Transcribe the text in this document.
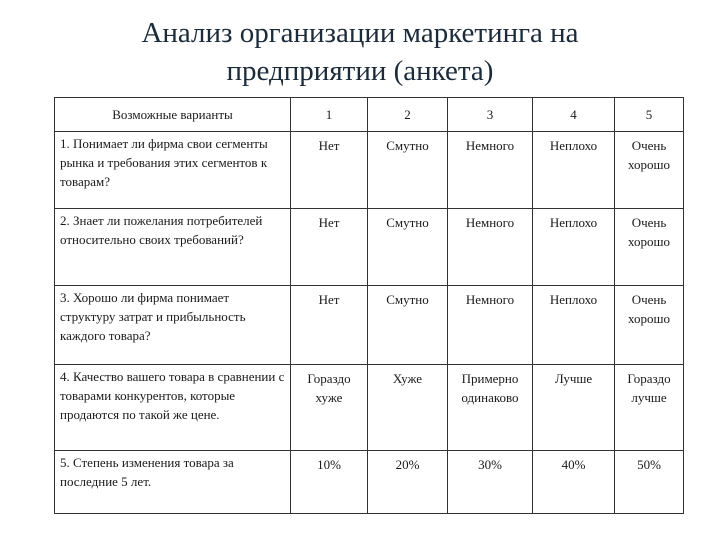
Анализ организации маркетинга на
предприятии (анкета)
Возможные варианты	1	2	3	4	5
1. Понимает ли фирма свои сегменты рынка и требования этих сегментов к товарам?	Нет	Смутно	Немного	Неплохо	Очень хорошо
2. Знает ли пожелания потребителей относительно своих требований?	Нет	Смутно	Немного	Неплохо	Очень хорошо
3. Хорошо ли фирма понимает структуру затрат и прибыльность каждого товара?	Нет	Смутно	Немного	Неплохо	Очень хорошо
4. Качество вашего товара в сравнении с товарами конкурентов, которые продаются по такой же цене.	Гораздо хуже	Хуже	Примерно одинаково	Лучше	Гораздо лучше
5. Степень изменения товара за последние 5 лет.	10%	20%	30%	40%	50%
